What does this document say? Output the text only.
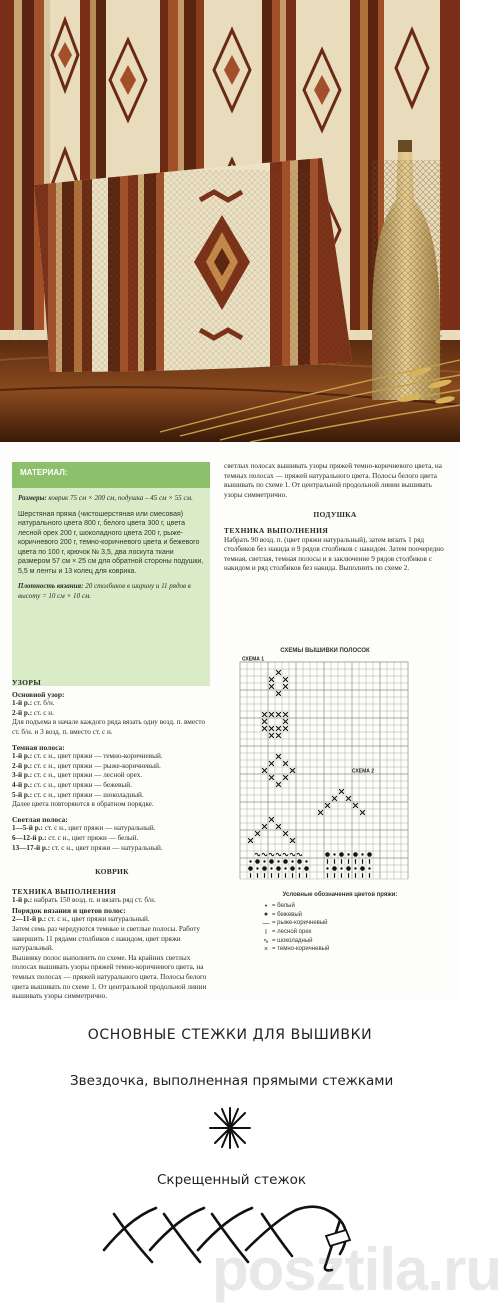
МАТЕРИАЛ:

Размеры: коврик 75 см × 200 см, подушка – 45 см × 55 см.

Шерстяная пряжа (чистошерстяная или смесовая) натурального цвета 800 г, белого цвета 300 г, цвета лесной орех 200 г, шоколадного цвета 200 г, рыже-коричневого 200 г, темно-коричневого цвета и бежевого цвета по 100 г, крючок № 3,5, два лоскута ткани размером 57 см × 25 см для обратной стороны подушки, 5,5 м ленты и 13 колец для коврика.

Плотность вязания: 20 столбиков в ширину и 11 рядов в высоту = 10 см × 10 см.

УЗОРЫ

Основной узор:

1-й р.: ст. б/н.

2-й р.: ст. с н.

Для подъема в начале каждого ряда вязать одну возд. п. вместо ст. б/н. и 3 возд. п. вместо ст. с н.

Темная полоса:

1-й р.: ст. с н., цвет пряжи — темно-коричневый.

2-й р.: ст. с н., цвет пряжи — рыже-коричневый.

3-й р.: ст. с н., цвет пряжи — лесной орех.

4-й р.: ст. с н., цвет пряжи — бежевый.

5-й р.: ст. с н., цвет пряжи — шоколадный.

Далее цвета повторяются в обратном порядке.

Светлая полоса:

1—5-й р.: ст. с н., цвет пряжи — натуральный.

6—12-й р.: ст. с н., цвет пряжи — белый.

13—17-й р.: ст. с н., цвет пряжи — натуральный.

КОВРИК

ТЕХНИКА ВЫПОЛНЕНИЯ

1-й р.: набрать 150 возд. п. и вязать ряд ст. б/н.

Порядок вязания и цветов полос:

2—11-й р.: ст. с н., цвет пряжи натуральный.

Затем семь раз чередуются темные и светлые полосы. Работу завершить 11 рядами столбиков с накидом, цвет пряжи натуральный.

Вышивку полос выполнить по схеме. На крайних светлых полосах вышивать узоры пряжей темно-коричневого цвета, на темных полосах — пряжей натурального цвета. Полосы белого цвета вышивать по схеме 1. От центральной продольной линии вышивать узоры симметрично.

светлых полосах вышивать узоры пряжей темно-коричневого цвета, на темных полосах — пряжей натурального цвета. Полосы белого цвета вышивать по схеме 1. От центральной продольной линии вышивать узоры симметрично.

ПОДУШКА

ТЕХНИКА ВЫПОЛНЕНИЯ

Набрать 90 возд. п. (цвет пряжи натуральный), затем вязать 1 ряд столбиков без накида и 9 рядов столбиков с накидом. Затем поочередно темная, светлая, темная полосы и в заключение 9 рядов столбиков с накидом и ряд столбиков без накида. Выполнить по схеме 2.

СХЕМЫ ВЫШИВКИ ПОЛОСОК
СХЕМА 1
СХЕМА 2
Условные обозначения цветов пряжи:
• = белый
● = бежевый
— = рыже-коричневый
I = лесной орех
∿ = шоколадный
× = темно-коричневый
ОСНОВНЫЕ СТЕЖКИ ДЛЯ ВЫШИВКИ
Звездочка, выполненная прямыми стежками
Скрещенный стежок
posztila.ru
